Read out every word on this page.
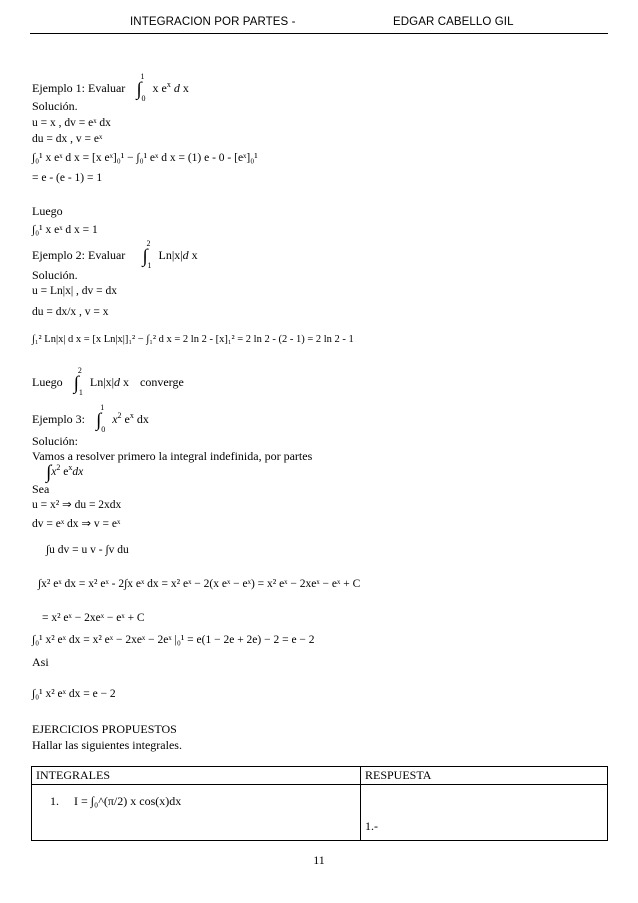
INTEGRACION POR PARTES -	EDGAR CABELLO GIL
Ejemplo 1: Evaluar $\int_0^1$ x $e^x$ d x
Solución.
u = x , dv = eˣ dx
du = dx , v = eˣ
∫₀¹ x eˣ d x = [x eˣ]₀¹ − ∫₀¹ eˣ d x = (1) e - 0 - [eˣ]₀¹
= e - (e - 1) = 1
Luego
∫₀¹ x eˣ d x = 1
Ejemplo 2: Evaluar $\int_1^2$ Ln|x|d x
Solución.
u = Ln|x| , dv = dx
du = dx/x , v = x
∫₁² Ln|x| d x = [x Ln|x|]₁² − ∫₁² d x = 2 ln 2 - [x]₁² = 2 ln 2 - (2 - 1) = 2 ln 2 - 1
Luego $\int_1^2$ Ln|x|d x converge
Ejemplo 3: $\int_0^1$ $x^2$ $e^x$ dx
Solución:
Vamos a resolver primero la integral indefinida, por partes
$\int x^2$ $e^xdx$
Sea
u = x² ⇒ du = 2xdx
dv = eˣ dx ⇒ v = eˣ
∫u dv = u v - ∫v du
∫x² eˣ dx = x² eˣ - 2∫x eˣ dx = x² eˣ − 2(x eˣ − eˣ) = x² eˣ − 2xeˣ − eˣ + C
= x² eˣ − 2xeˣ − eˣ + C
∫₀¹ x² eˣ dx = x² eˣ − 2xeˣ − 2eˣ |₀¹ = e(1 − 2e + 2e) − 2 = e − 2
Asi
∫₀¹ x² eˣ dx = e − 2
EJERCICIOS PROPUESTOS
Hallar las siguientes integrales.
INTEGRALES	RESPUESTA
1. I = ∫₀^(π/2) x cos(x)dx	1.-
11
